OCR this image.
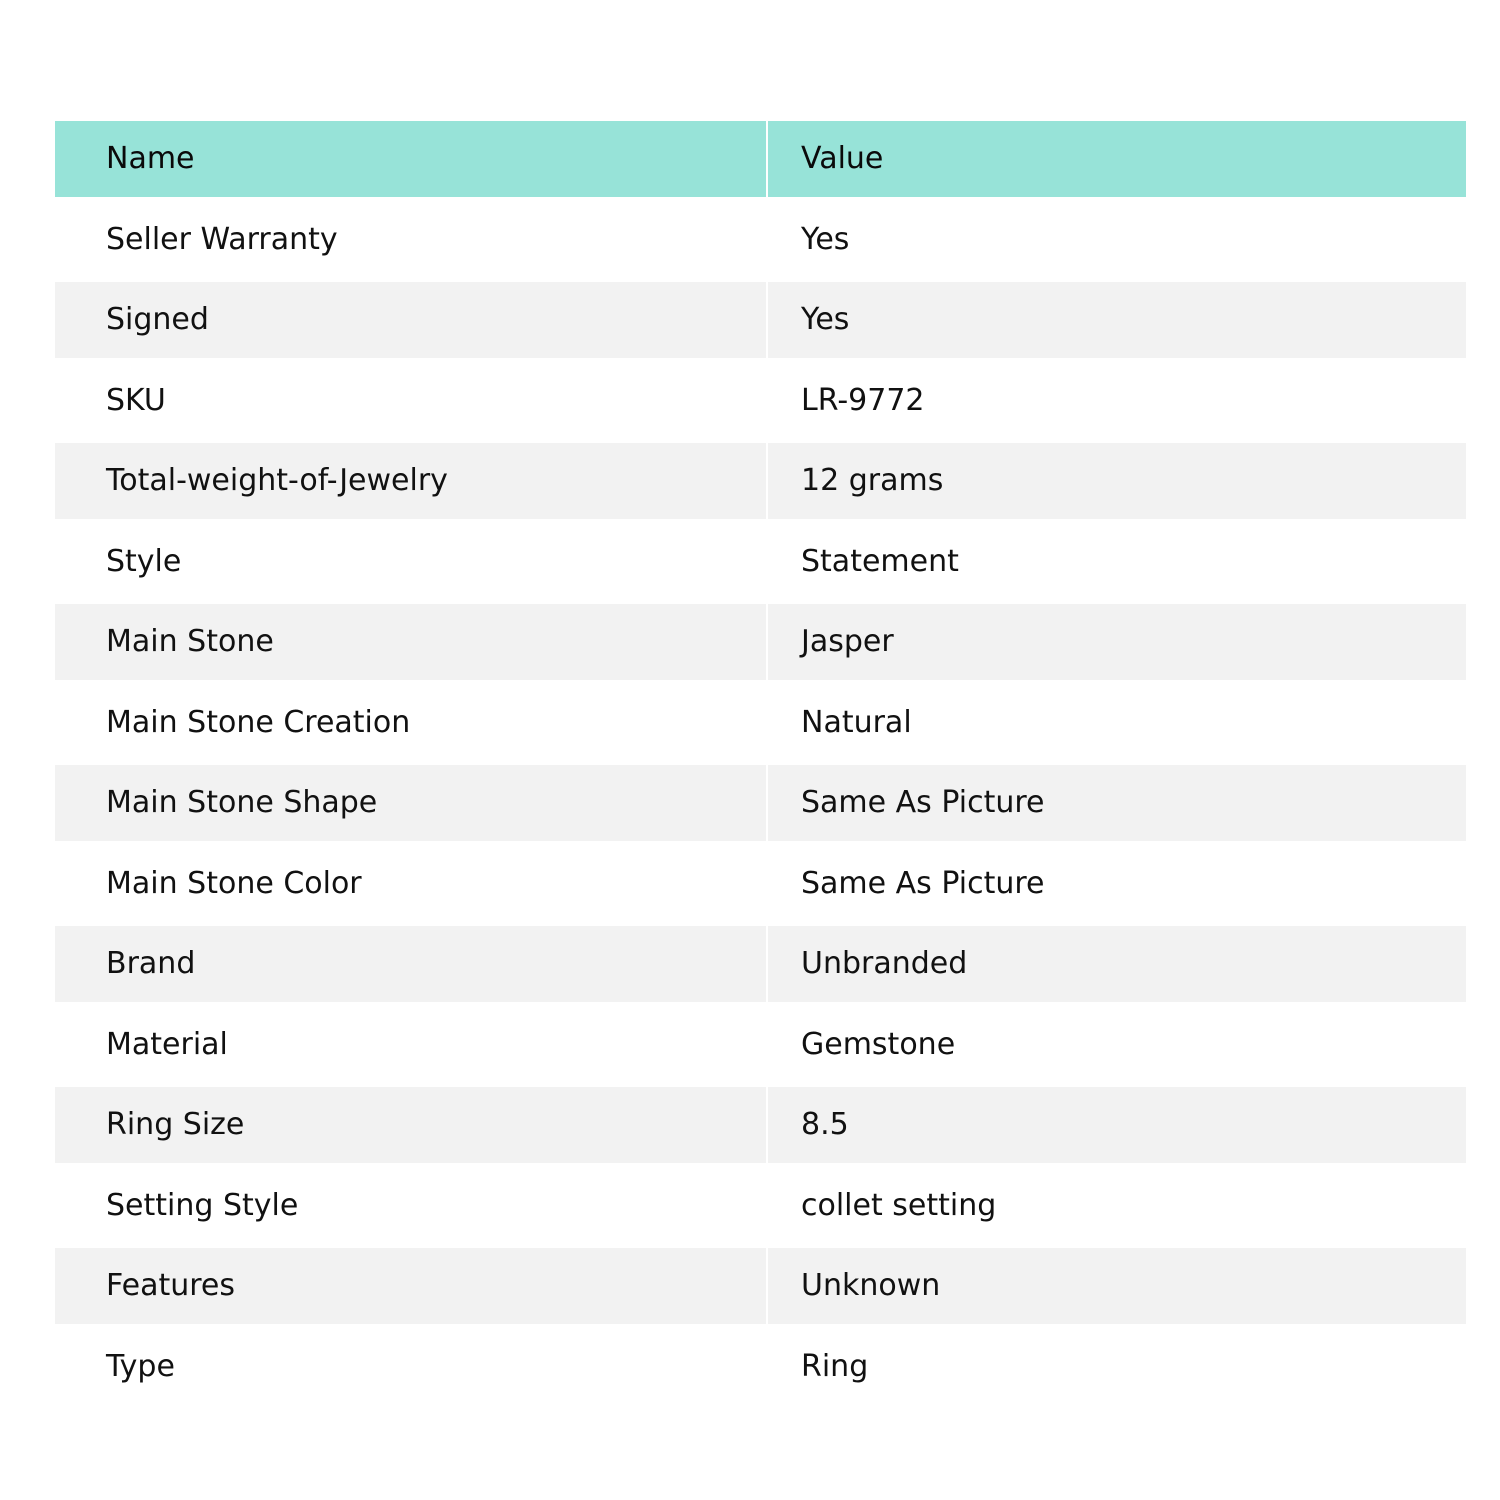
Name	Value
Seller Warranty	Yes
Signed	Yes
SKU	LR-9772
Total-weight-of-Jewelry	12 grams
Style	Statement
Main Stone	Jasper
Main Stone Creation	Natural
Main Stone Shape	Same As Picture
Main Stone Color	Same As Picture
Brand	Unbranded
Material	Gemstone
Ring Size	8.5
Setting Style	collet setting
Features	Unknown
Type	Ring
